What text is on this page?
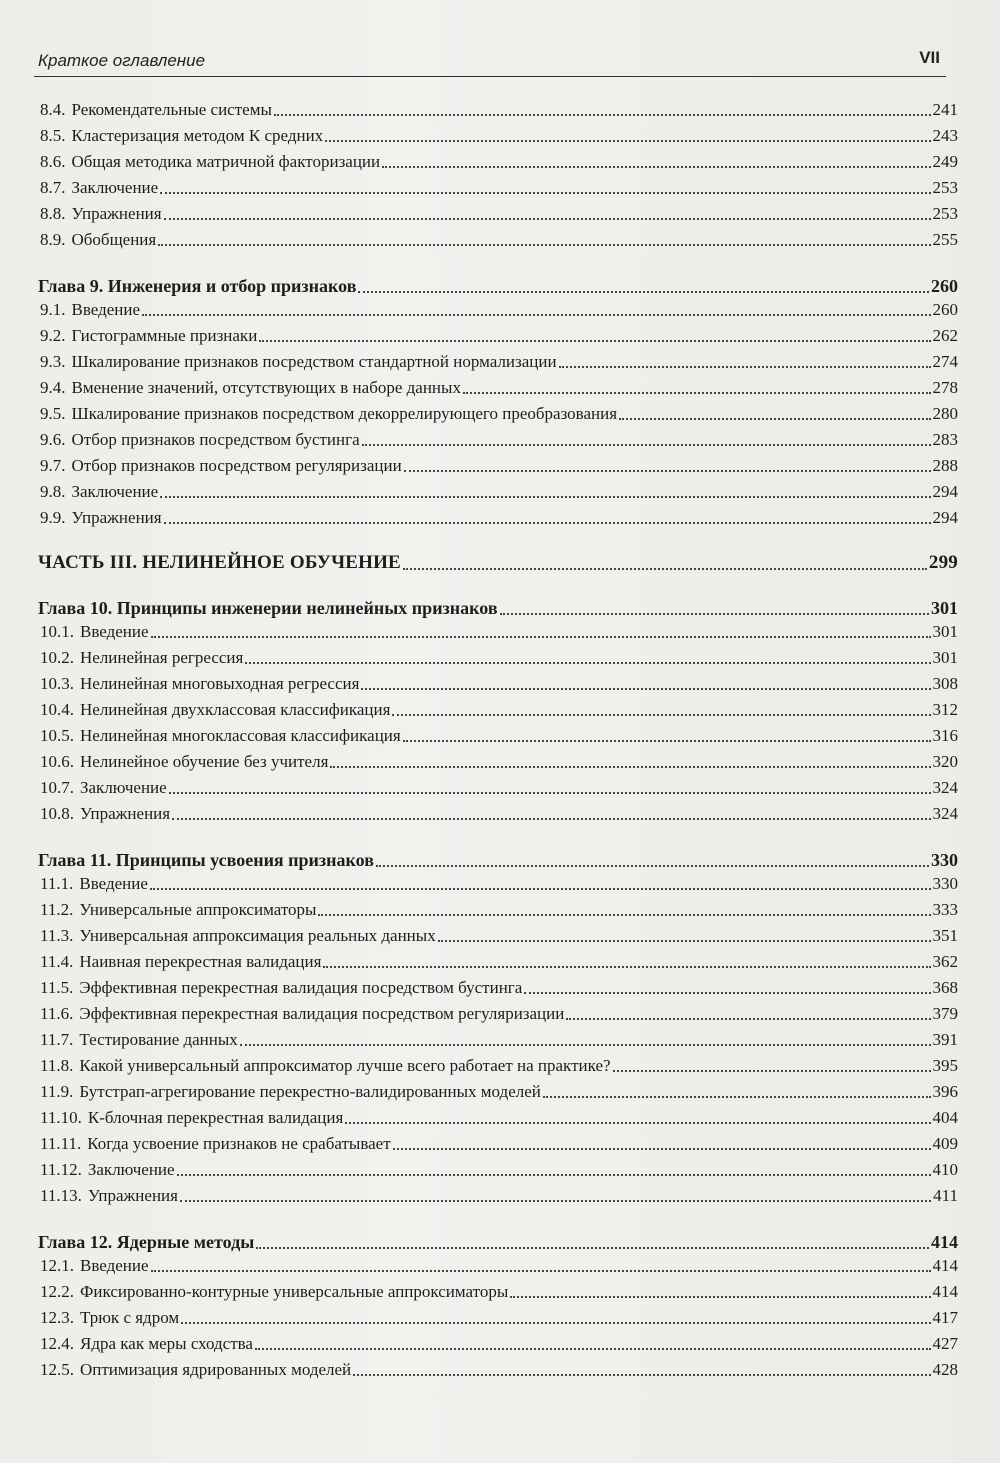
Краткое оглавление	VII
8.4. Рекомендательные системы	241
8.5. Кластеризация методом К средних	243
8.6. Общая методика матричной факторизации	249
8.7. Заключение	253
8.8. Упражнения	253
8.9. Обобщения	255
Глава 9. Инженерия и отбор признаков	260
9.1. Введение	260
9.2. Гистограммные признаки	262
9.3. Шкалирование признаков посредством стандартной нормализации	274
9.4. Вменение значений, отсутствующих в наборе данных	278
9.5. Шкалирование признаков посредством декоррелирующего преобразования	280
9.6. Отбор признаков посредством бустинга	283
9.7. Отбор признаков посредством регуляризации	288
9.8. Заключение	294
9.9. Упражнения	294
ЧАСТЬ III. НЕЛИНЕЙНОЕ ОБУЧЕНИЕ	299
Глава 10. Принципы инженерии нелинейных признаков	301
10.1. Введение	301
10.2. Нелинейная регрессия	301
10.3. Нелинейная многовыходная регрессия	308
10.4. Нелинейная двухклассовая классификация	312
10.5. Нелинейная многоклассовая классификация	316
10.6. Нелинейное обучение без учителя	320
10.7. Заключение	324
10.8. Упражнения	324
Глава 11. Принципы усвоения признаков	330
11.1. Введение	330
11.2. Универсальные аппроксиматоры	333
11.3. Универсальная аппроксимация реальных данных	351
11.4. Наивная перекрестная валидация	362
11.5. Эффективная перекрестная валидация посредством бустинга	368
11.6. Эффективная перекрестная валидация посредством регуляризации	379
11.7. Тестирование данных	391
11.8. Какой универсальный аппроксиматор лучше всего работает на практике?	395
11.9. Бутстрап-агрегирование перекрестно-валидированных моделей	396
11.10. К-блочная перекрестная валидация	404
11.11. Когда усвоение признаков не срабатывает	409
11.12. Заключение	410
11.13. Упражнения	411
Глава 12. Ядерные методы	414
12.1. Введение	414
12.2. Фиксированно-контурные универсальные аппроксиматоры	414
12.3. Трюк с ядром	417
12.4. Ядра как меры сходства	427
12.5. Оптимизация ядрированных моделей	428
